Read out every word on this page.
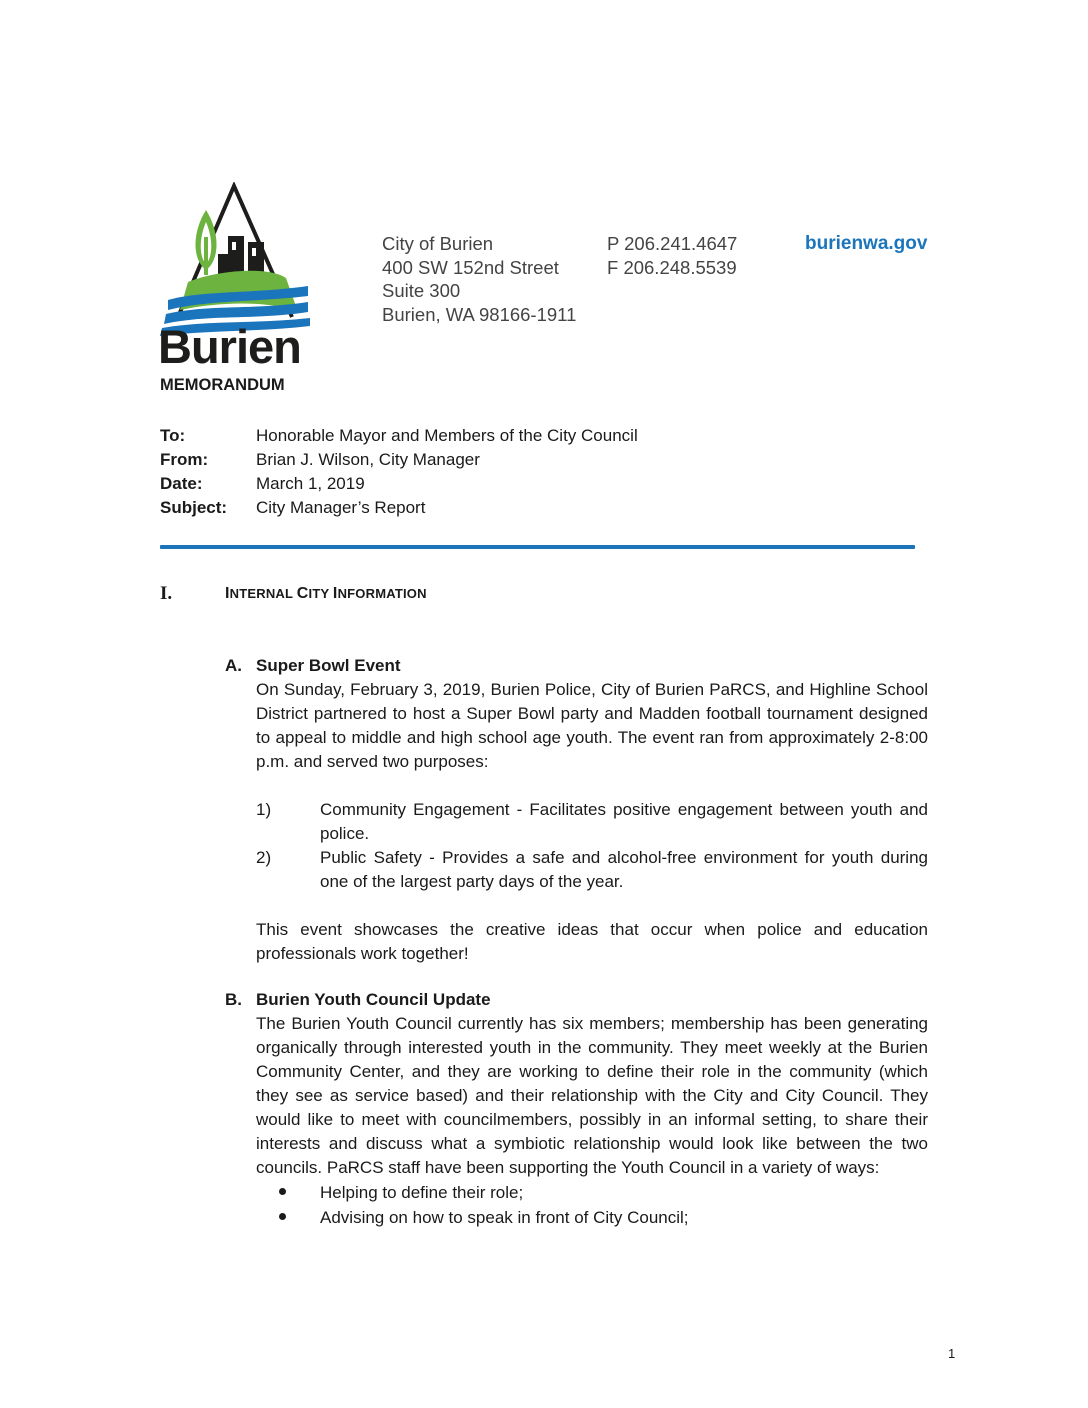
Burien
City of Burien
400 SW 152nd Street
Suite 300
Burien, WA 98166-1911
P 206.241.4647
F 206.248.5539
burienwa.gov
MEMORANDUM
To:	Honorable Mayor and Members of the City Council
From:	Brian J. Wilson, City Manager
Date:	March 1, 2019
Subject:	City Manager’s Report
I.	INTERNAL CITY INFORMATION
A. Super Bowl Event
On Sunday, February 3, 2019, Burien Police, City of Burien PaRCS, and Highline School District partnered to host a Super Bowl party and Madden football tournament designed to appeal to middle and high school age youth. The event ran from approximately 2-8:00 p.m. and served two purposes:
1)	Community Engagement - Facilitates positive engagement between youth and police.
2)	Public Safety - Provides a safe and alcohol-free environment for youth during one of the largest party days of the year.
This event showcases the creative ideas that occur when police and education professionals work together!
B. Burien Youth Council Update
The Burien Youth Council currently has six members; membership has been generating organically through interested youth in the community. They meet weekly at the Burien Community Center, and they are working to define their role in the community (which they see as service based) and their relationship with the City and City Council. They would like to meet with councilmembers, possibly in an informal setting, to share their interests and discuss what a symbiotic relationship would look like between the two councils. PaRCS staff have been supporting the Youth Council in a variety of ways:
Helping to define their role;
Advising on how to speak in front of City Council;
1
